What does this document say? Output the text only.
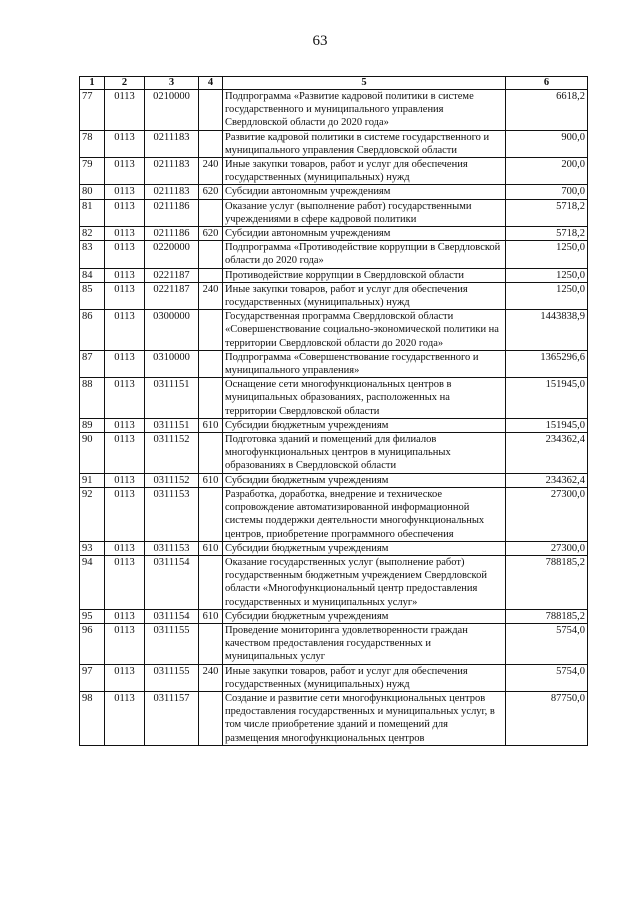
63
1	2	3	4	5	6
77	0113	0210000		Подпрограмма «Развитие кадровой политики в системе государственного и муниципального управления Свердловской области до 2020 года»	6618,2
78	0113	0211183		Развитие кадровой политики в системе государственного и муниципального управления Свердловской области	900,0
79	0113	0211183	240	Иные закупки товаров, работ и услуг для обеспечения государственных (муниципальных) нужд	200,0
80	0113	0211183	620	Субсидии автономным учреждениям	700,0
81	0113	0211186		Оказание услуг (выполнение работ) государственными учреждениями в сфере кадровой политики	5718,2
82	0113	0211186	620	Субсидии автономным учреждениям	5718,2
83	0113	0220000		Подпрограмма «Противодействие коррупции в Свердловской области до 2020 года»	1250,0
84	0113	0221187		Противодействие коррупции в Свердловской области	1250,0
85	0113	0221187	240	Иные закупки товаров, работ и услуг для обеспечения государственных (муниципальных) нужд	1250,0
86	0113	0300000		Государственная программа Свердловской области «Совершенствование социально-экономической политики на территории Свердловской области до 2020 года»	1443838,9
87	0113	0310000		Подпрограмма «Совершенствование государственного и муниципального управления»	1365296,6
88	0113	0311151		Оснащение сети многофункциональных центров в муниципальных образованиях, расположенных на территории Свердловской области	151945,0
89	0113	0311151	610	Субсидии бюджетным учреждениям	151945,0
90	0113	0311152		Подготовка зданий и помещений для филиалов многофункциональных центров в муниципальных образованиях в Свердловской области	234362,4
91	0113	0311152	610	Субсидии бюджетным учреждениям	234362,4
92	0113	0311153		Разработка, доработка, внедрение и техническое сопровождение автоматизированной информационной системы поддержки деятельности многофункциональных центров, приобретение программного обеспечения	27300,0
93	0113	0311153	610	Субсидии бюджетным учреждениям	27300,0
94	0113	0311154		Оказание государственных услуг (выполнение работ) государственным бюджетным учреждением Свердловской области «Многофункциональный центр предоставления государственных и муниципальных услуг»	788185,2
95	0113	0311154	610	Субсидии бюджетным учреждениям	788185,2
96	0113	0311155		Проведение мониторинга удовлетворенности граждан качеством предоставления государственных и муниципальных услуг	5754,0
97	0113	0311155	240	Иные закупки товаров, работ и услуг для обеспечения государственных (муниципальных) нужд	5754,0
98	0113	0311157		Создание и развитие сети многофункциональных центров предоставления государственных и муниципальных услуг, в том числе приобретение зданий и помещений для размещения многофункциональных центров	87750,0
